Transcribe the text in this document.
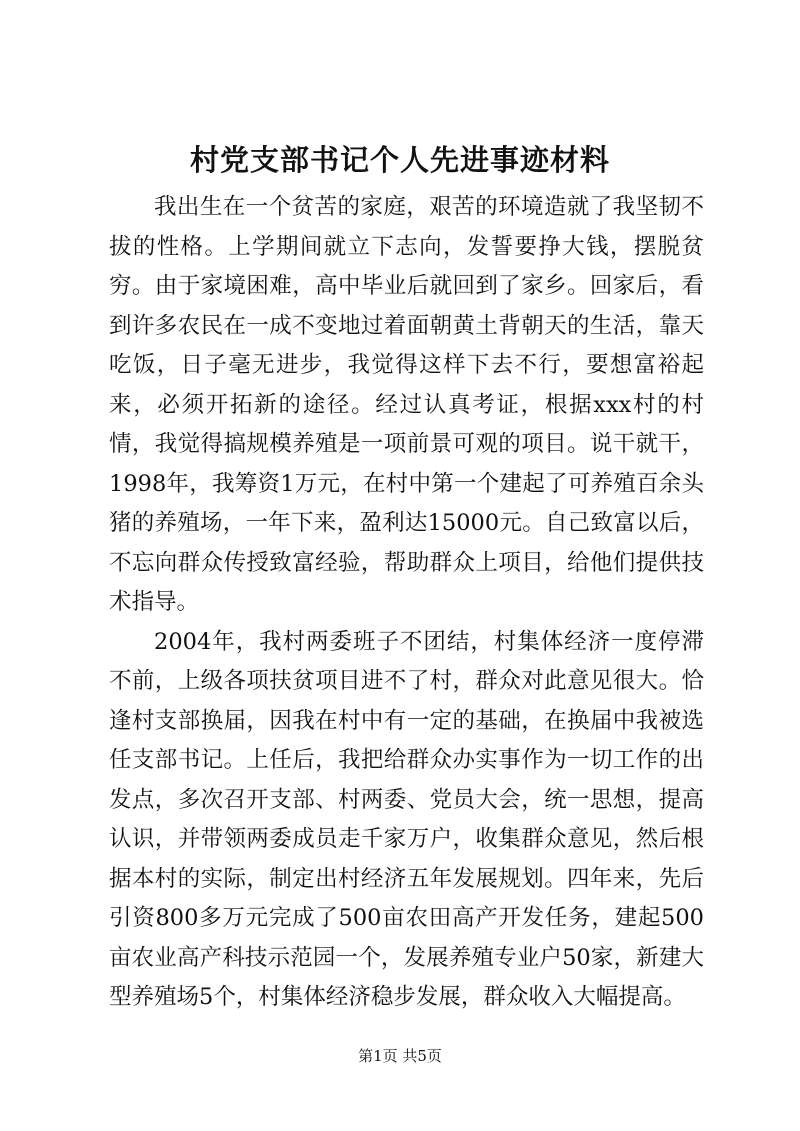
村党支部书记个人先进事迹材料

我出生在一个贫苦的家庭，艰苦的环境造就了我坚韧不拔的性格。上学期间就立下志向，发誓要挣大钱，摆脱贫穷。由于家境困难，高中毕业后就回到了家乡。回家后，看到许多农民在一成不变地过着面朝黄土背朝天的生活，靠天吃饭，日子毫无进步，我觉得这样下去不行，要想富裕起来，必须开拓新的途径。经过认真考证，根据xxx村的村情，我觉得搞规模养殖是一项前景可观的项目。说干就干，1998年，我筹资1万元，在村中第一个建起了可养殖百余头猪的养殖场，一年下来，盈利达15000元。自己致富以后，不忘向群众传授致富经验，帮助群众上项目，给他们提供技术指导。

2004年，我村两委班子不团结，村集体经济一度停滞不前，上级各项扶贫项目进不了村，群众对此意见很大。恰逢村支部换届，因我在村中有一定的基础，在换届中我被选任支部书记。上任后，我把给群众办实事作为一切工作的出发点，多次召开支部、村两委、党员大会，统一思想，提高认识，并带领两委成员走千家万户，收集群众意见，然后根据本村的实际，制定出村经济五年发展规划。四年来，先后引资800多万元完成了500亩农田高产开发任务，建起500亩农业高产科技示范园一个，发展养殖专业户50家，新建大型养殖场5个，村集体经济稳步发展，群众收入大幅提高。

第1页 共5页
